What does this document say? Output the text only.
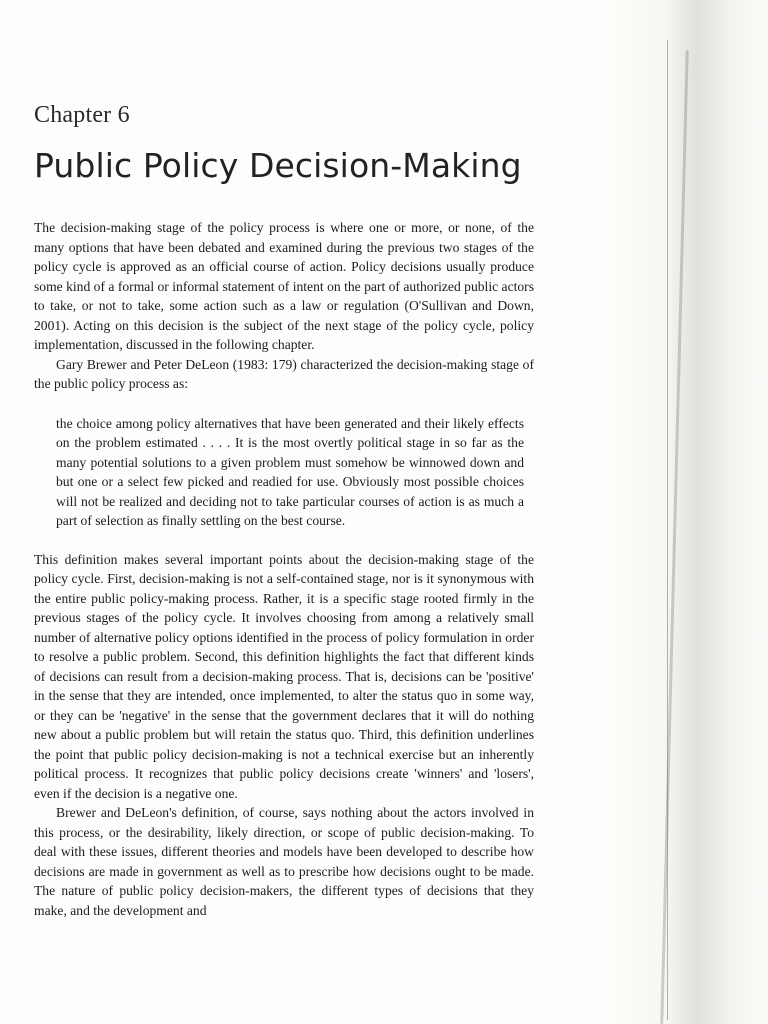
Chapter 6
Public Policy Decision-Making

The decision-making stage of the policy process is where one or more, or none, of the many options that have been debated and examined during the previous two stages of the policy cycle is approved as an official course of action. Policy decisions usually produce some kind of a formal or informal statement of intent on the part of authorized public actors to take, or not to take, some action such as a law or regulation (O'Sullivan and Down, 2001). Acting on this decision is the subject of the next stage of the policy cycle, policy implementation, discussed in the following chapter.

Gary Brewer and Peter DeLeon (1983: 179) characterized the decision-making stage of the public policy process as:

the choice among policy alternatives that have been generated and their likely effects on the problem estimated . . . . It is the most overtly political stage in so far as the many potential solutions to a given problem must somehow be winnowed down and but one or a select few picked and readied for use. Obviously most possible choices will not be realized and deciding not to take particular courses of action is as much a part of selection as finally settling on the best course.

This definition makes several important points about the decision-making stage of the policy cycle. First, decision-making is not a self-contained stage, nor is it synonymous with the entire public policy-making process. Rather, it is a specific stage rooted firmly in the previous stages of the policy cycle. It involves choosing from among a relatively small number of alternative policy options identified in the process of policy formulation in order to resolve a public problem. Second, this definition highlights the fact that different kinds of decisions can result from a decision-making process. That is, decisions can be 'positive' in the sense that they are intended, once implemented, to alter the status quo in some way, or they can be 'negative' in the sense that the government declares that it will do nothing new about a public problem but will retain the status quo. Third, this definition underlines the point that public policy decision-making is not a technical exercise but an inherently political process. It recognizes that public policy decisions create 'winners' and 'losers', even if the decision is a negative one.

Brewer and DeLeon's definition, of course, says nothing about the actors involved in this process, or the desirability, likely direction, or scope of public decision-making. To deal with these issues, different theories and models have been developed to describe how decisions are made in government as well as to prescribe how decisions ought to be made. The nature of public policy decision-makers, the different types of decisions that they make, and the development and
